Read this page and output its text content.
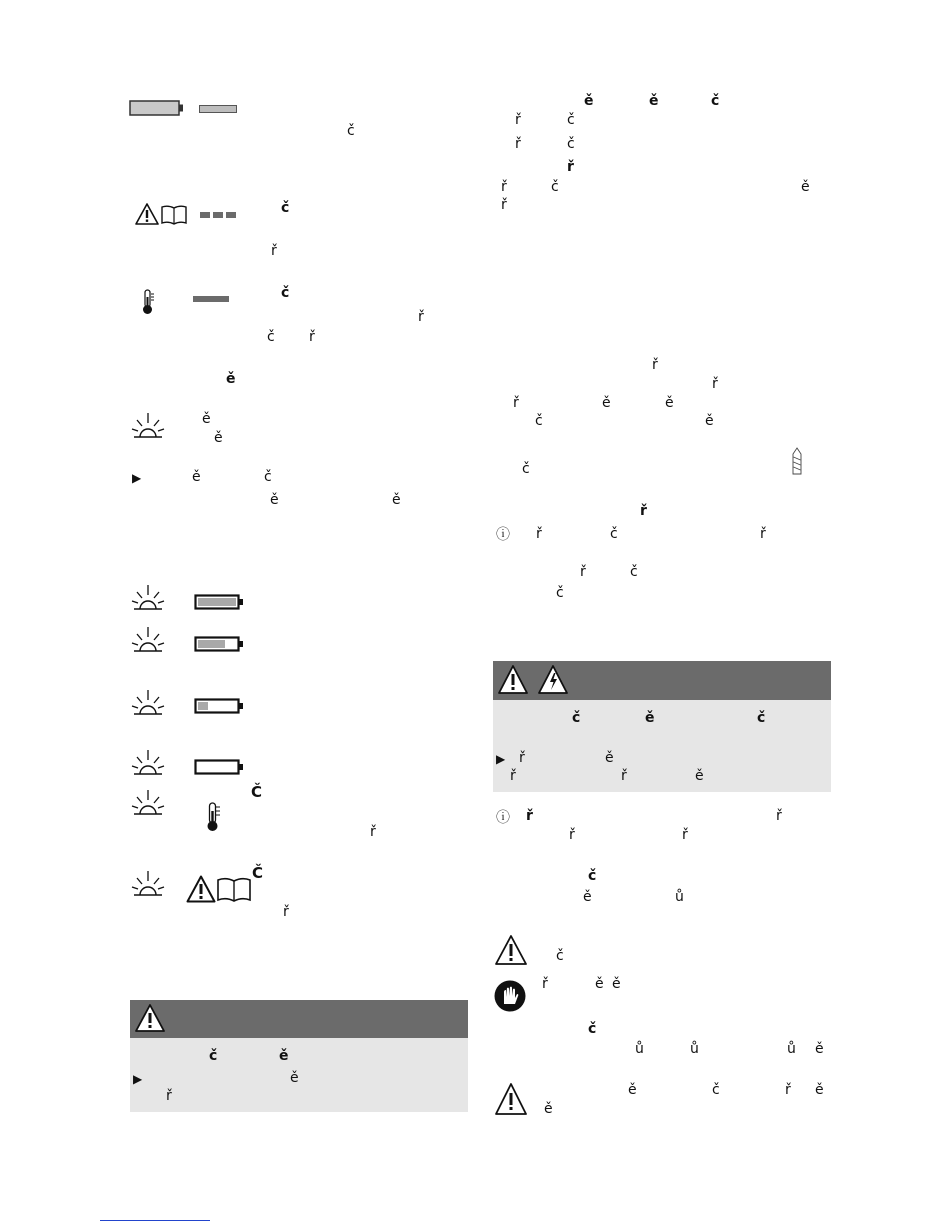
č
č
ř
č
ř
č ř
ě
ě
ě
▶	ě	č
ě	ě
Č
ř
Č
ř
č	ě
▶	ě
ř
ě	ě	č
ř	č
ř	č
ř
ř	č	ě
ř
ř
ř
ř	ě	ě
č	ě
č
ř
ⓘ ř	č	ř
ř	č
č
č	ě	č
▶ ř	ě
ř	ř	ě
ⓘ ř	ř
ř	ř
č
ě	ů
č
ř	ě ě
č
ů	ů	ů ě
ě	č	ř ě
ě
